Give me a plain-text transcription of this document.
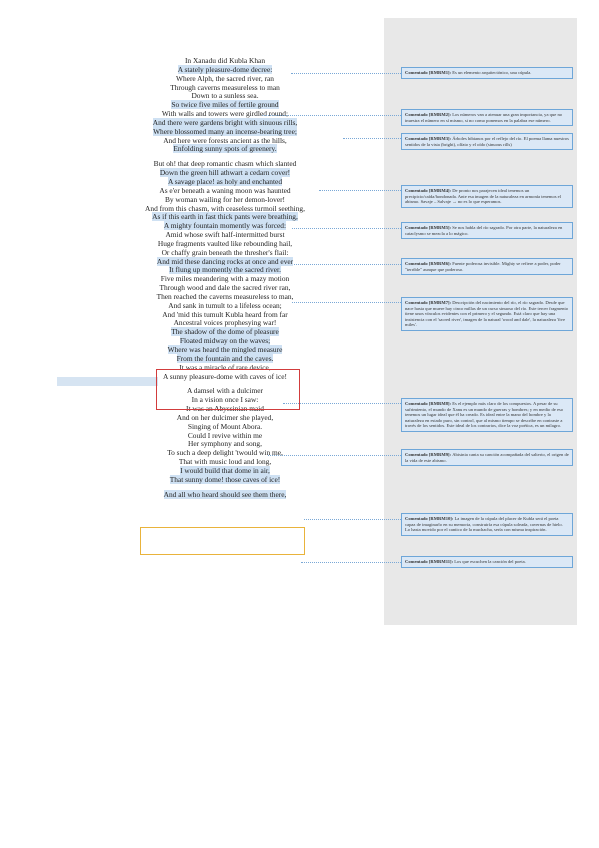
In Xanadu did Kubla Khan
A stately pleasure-dome decree:
Where Alph, the sacred river, ran
Through caverns measureless to man
Down to a sunless sea.
So twice five miles of fertile ground
With walls and towers were girdled round;
And there were gardens bright with sinuous rills,
Where blossomed many an incense-bearing tree;
And here were forests ancient as the hills,
Enfolding sunny spots of greenery.
But oh! that deep romantic chasm which slanted
Down the green hill athwart a cedarn cover!
A savage place! as holy and enchanted
As e'er beneath a waning moon was haunted
By woman wailing for her demon-lover!
And from this chasm, with ceaseless turmoil seething,
As if this earth in fast thick pants were breathing,
A mighty fountain momently was forced:
Amid whose swift half-intermitted burst
Huge fragments vaulted like rebounding hail,
Or chaffy grain beneath the thresher's flail:
And mid these dancing rocks at once and ever
It flung up momently the sacred river.
Five miles meandering with a mazy motion
Through wood and dale the sacred river ran,
Then reached the caverns measureless to man,
And sank in tumult to a lifeless ocean;
And 'mid this tumult Kubla heard from far
Ancestral voices prophesying war!
The shadow of the dome of pleasure
Floated midway on the waves;
Where was heard the mingled measure
From the fountain and the caves.
It was a miracle of rare device,
A sunny pleasure-dome with caves of ice!
A damsel with a dulcimer
In a vision once I saw:
It was an Abyssinian maid
And on her dulcimer she played,
Singing of Mount Abora.
Could I revive within me
Her symphony and song,
To such a deep delight 'twould win me,
That with music loud and long,
I would build that dome in air,
That sunny dome! those caves of ice!
And all who heard should see them there,
Comentado [RMRM1]: Es un elemento arquitectónico, una cúpula.
Comentado [RMRM2]: Los números van a atenuar una gran importancia, ya que no inuestra el número en sí mismo, si no como ponemos en la palabra ese número.
Comentado [RMRM3]: Árboles hibianos por el reflejo del río. El poema llama nuestros sentidos de la vista (bright), olfato y el oído (sinuous rills)
Comentado [RMRM4]: De pronto nos parajecen ideal tenemos un precipicio/caída/hondonada. Ante esa imagen de la naturaleza en armonía tenemos el abismo. Savaje – Salvaje → no es lo que esperamos.
Comentado [RMRM5]: Se nos habla del río sagrado. Por otra parte, la naturaleza en cataclysmo se mezcla a lo mágico.
Comentado [RMRM6]: Fuente poderosa invisible. Mighty se refiere a poder, poder "terrible" aunque que poderoso.
Comentado [RMRM7]: Descripción del nacimiento del río, el río sagrado. Desde que nace hasta que muere hay cinco millas de un curso sinuoso del río. Este tercer fragmento tiene unos vínculos evidentes con el primero y el segundo. Está claro que hay una insistencia con el 'sacred river', imagen de la natural 'wood and dale', la naturaleza 'five miles'.
Comentado [RMRM8]: Es el ejemplo más claro de los compuestos. A pesar de su sufrimiento, el mundo de Xanu es un mundo de guerras y hombres; y en medio de eso tenemos un lugar ideal que él ha creado. Es ideal entre la mano del hombre y la naturaleza en estado puro, sin control, que al mismo tiempo se describe en contraste a través de los sentidos. Este ideal de los contrarios, dice la voz poética, es un milagro.
Comentado [RMRM9]: Abisinia canta su canción acompañada del salterio, el origen de la vida de este abismo.
Comentado [RMRM10]: La imagen de la cúpula del placer de Kubla será el poeta capaz de imaginarlo en su memoria, construiría esa cúpula soleada, cavernas de hielo. Lo hasta movido por el cantico de la muchacha, sería con misma inspiración.
Comentado [RMRM11]: Los que escuchen la canción del poeta.
